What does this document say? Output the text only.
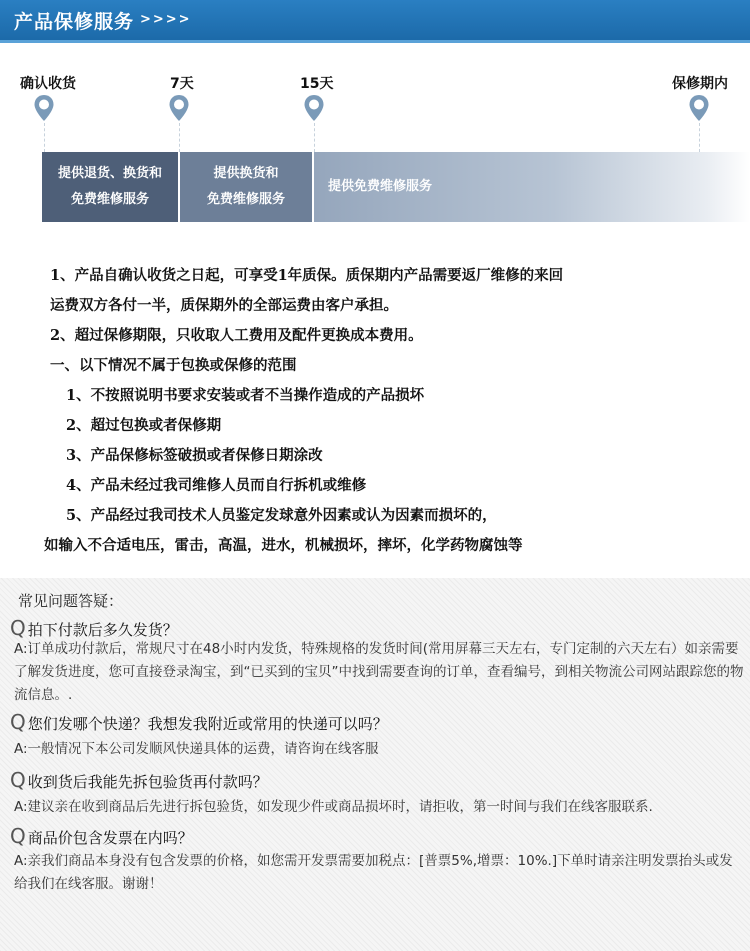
产品保修服务 >>>>
确认收货	7天	15天	保修期内
提供退货、换货和
免费维修服务
提供换货和
免费维修服务
提供免费维修服务
1、产品自确认收货之日起，可享受1年质保。质保期内产品需要返厂维修的来回
运费双方各付一半，质保期外的全部运费由客户承担。
2、超过保修期限，只收取人工费用及配件更换成本费用。
一、以下情况不属于包换或保修的范围
1、不按照说明书要求安装或者不当操作造成的产品损坏
2、超过包换或者保修期
3、产品保修标签破损或者保修日期涂改
4、产品未经过我司维修人员而自行拆机或维修
5、产品经过我司技术人员鉴定发球意外因素或认为因素而损坏的，
如输入不合适电压，雷击，高温，进水，机械损坏，摔坏，化学药物腐蚀等
常见问题答疑：
Q 拍下付款后多久发货？
A:订单成功付款后，常规尺寸在48小时内发货，特殊规格的发货时间(常用屏幕三天左右，专门定制的六天左右）如亲需要了解发货进度，您可直接登录淘宝，到“已买到的宝贝”中找到需要查询的订单，查看编号，到相关物流公司网站跟踪您的物流信息。.
Q 您们发哪个快递？我想发我附近或常用的快递可以吗？
A:一般情况下本公司发顺风快递具体的运费，请咨询在线客服
Q 收到货后我能先拆包验货再付款吗？
A:建议亲在收到商品后先进行拆包验货，如发现少件或商品损坏时，请拒收，第一时间与我们在线客服联系.
Q 商品价包含发票在内吗？
A:亲我们商品本身没有包含发票的价格，如您需开发票需要加税点：[普票5%,增票：10%.]下单时请亲注明发票抬头或发给我们在线客服。谢谢！
